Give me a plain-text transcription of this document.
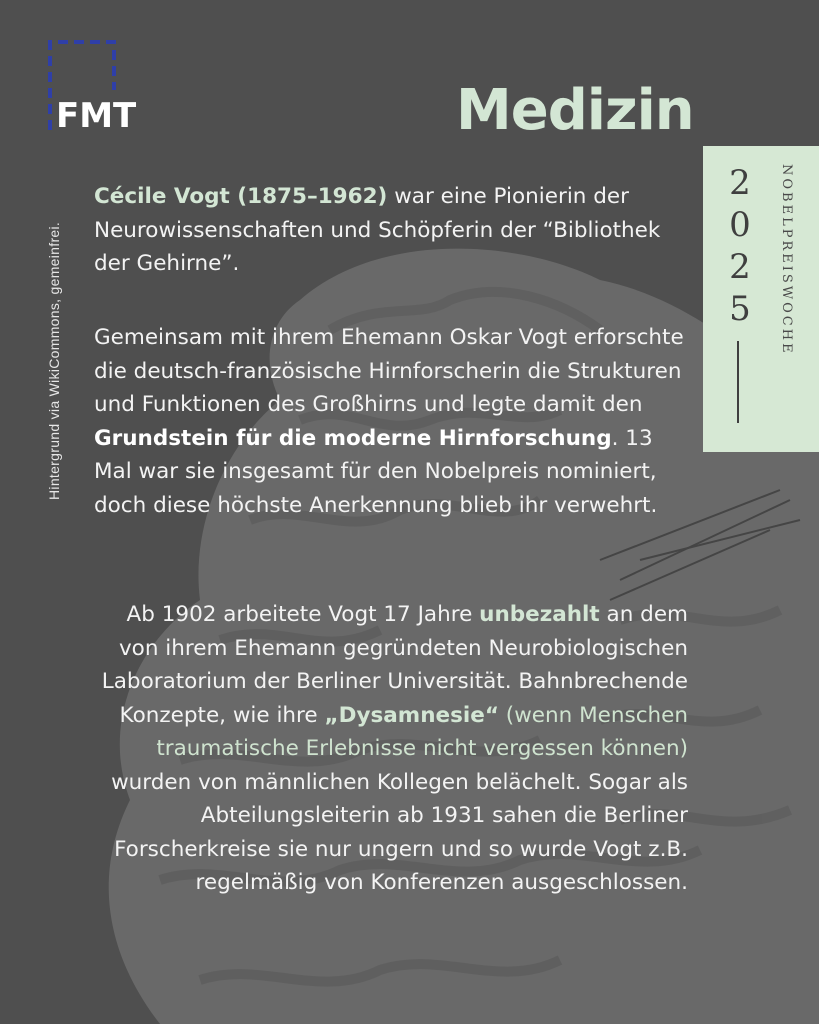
FMT
Hintergrund via WikiCommons, gemeinfrei.
Medizin
2
0
2
5	NOBELPREISWOCHE
Cécile Vogt (1875–1962) war eine Pionierin der Neurowissenschaften und Schöpferin der “Bibliothek der Gehirne”.
Gemeinsam mit ihrem Ehemann Oskar Vogt erforschte die deutsch-französische Hirnforscherin die Strukturen und Funktionen des Großhirns und legte damit den Grundstein für die moderne Hirnforschung. 13 Mal war sie insgesamt für den Nobelpreis nominiert, doch diese höchste Anerkennung blieb ihr verwehrt.
Ab 1902 arbeitete Vogt 17 Jahre unbezahlt an dem von ihrem Ehemann gegründeten Neurobiologischen Laboratorium der Berliner Universität. Bahnbrechende Konzepte, wie ihre „Dysamnesie“ (wenn Menschen traumatische Erlebnisse nicht vergessen können) wurden von männlichen Kollegen belächelt. Sogar als Abteilungsleiterin ab 1931 sahen die Berliner Forscherkreise sie nur ungern und so wurde Vogt z.B. regelmäßig von Konferenzen ausgeschlossen.
